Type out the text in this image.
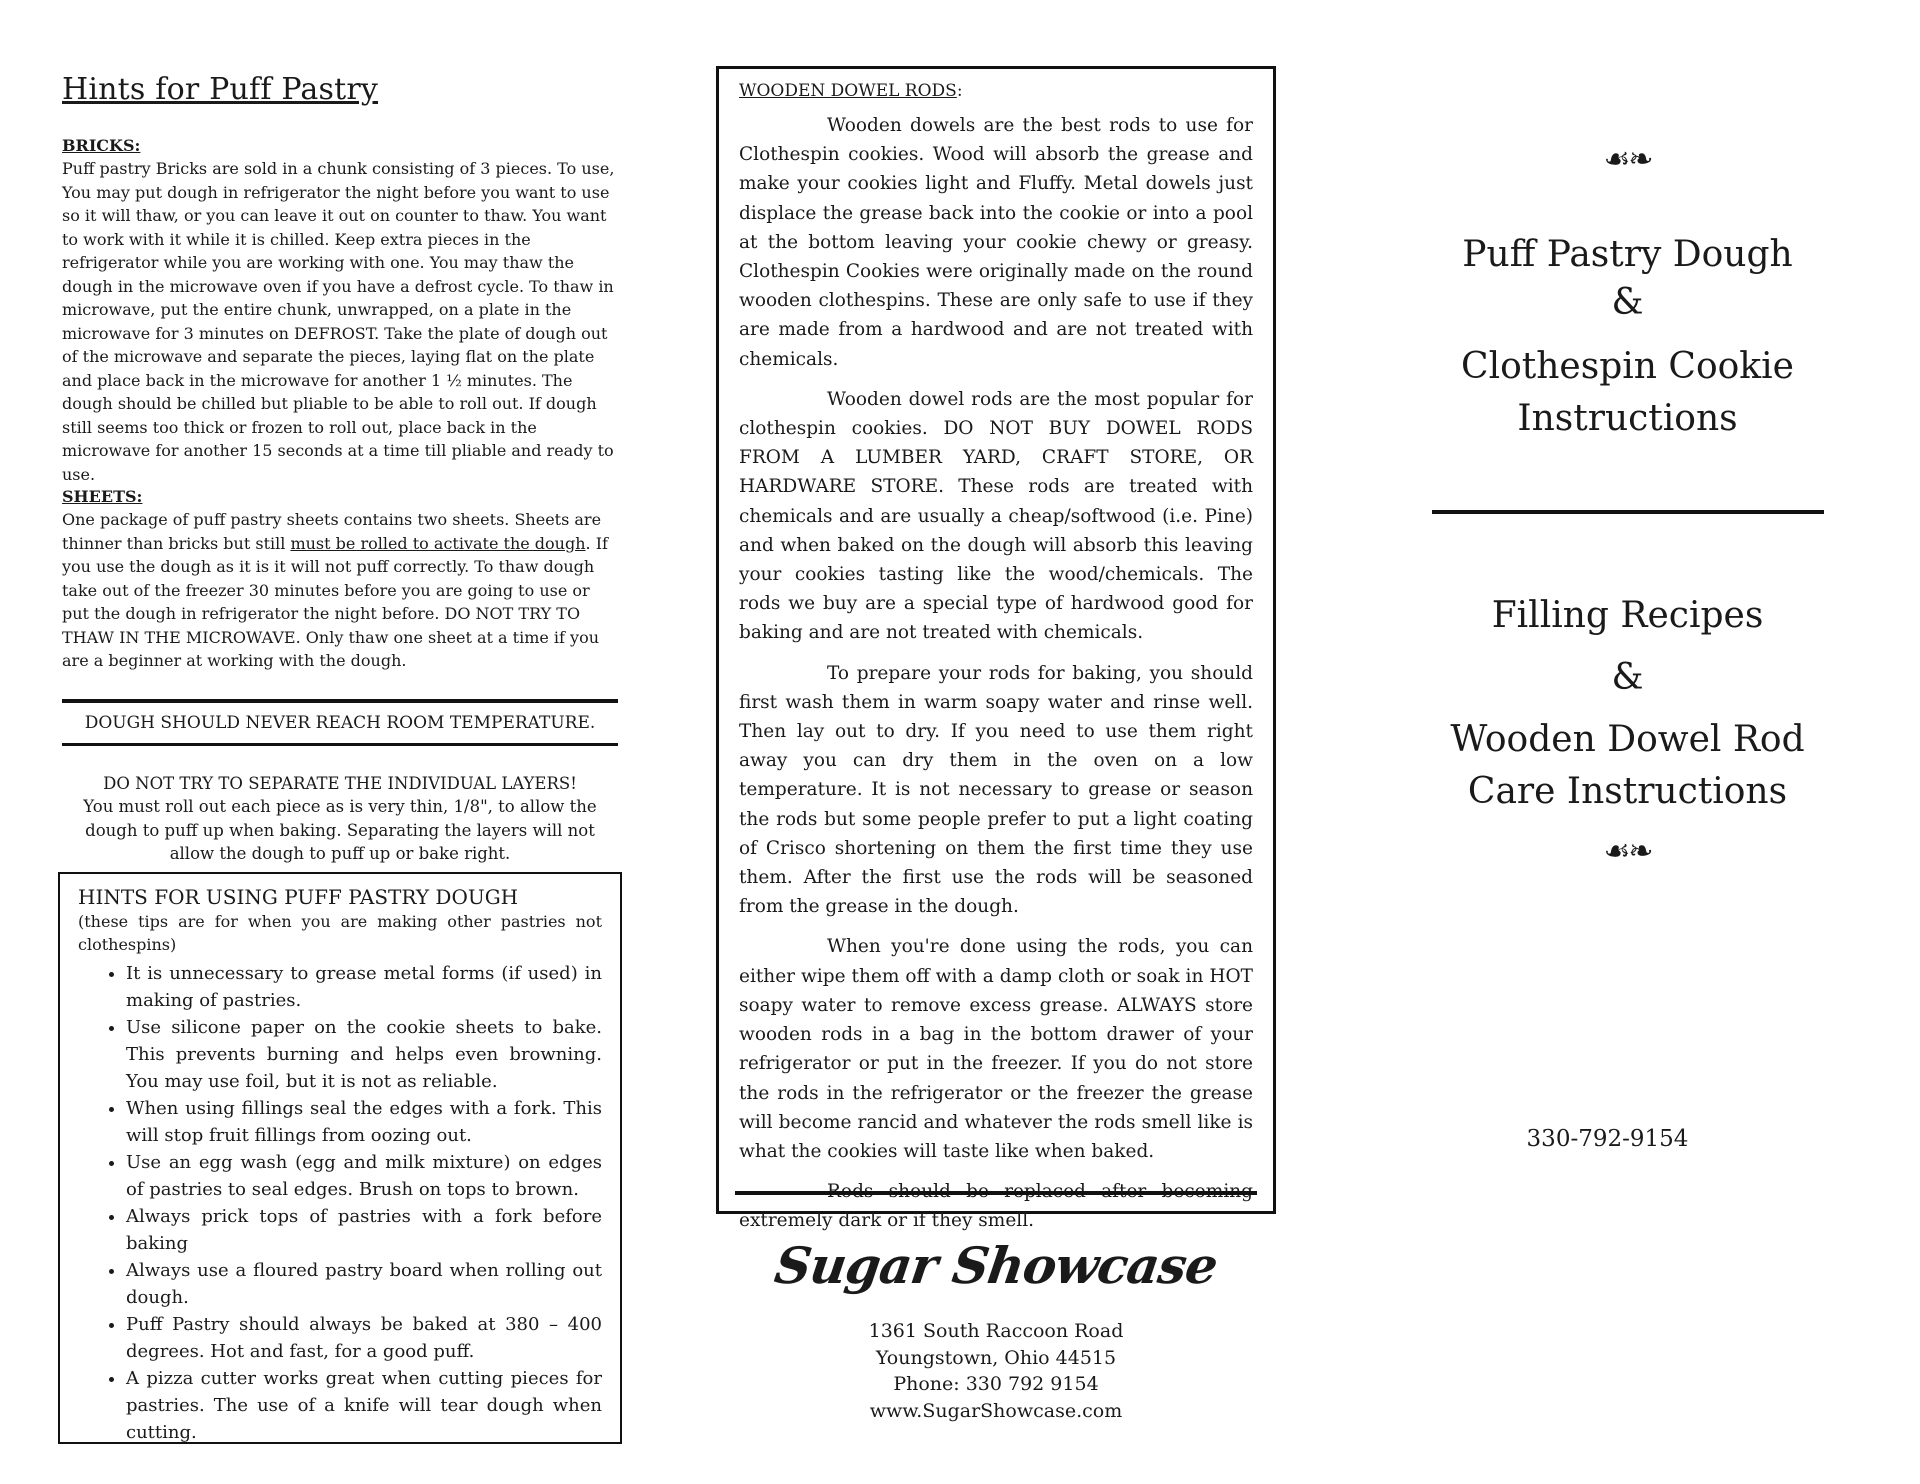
Hints for Puff Pastry

BRICKS:

Puff pastry Bricks are sold in a chunk consisting of 3 pieces. To use, You may put dough in refrigerator the night before you want to use so it will thaw, or you can leave it out on counter to thaw. You want to work with it while it is chilled. Keep extra pieces in the refrigerator while you are working with one. You may thaw the dough in the microwave oven if you have a defrost cycle. To thaw in microwave, put the entire chunk, unwrapped, on a plate in the microwave for 3 minutes on DEFROST. Take the plate of dough out of the microwave and separate the pieces, laying flat on the plate and place back in the microwave for another 1 ½ minutes. The dough should be chilled but pliable to be able to roll out. If dough still seems too thick or frozen to roll out, place back in the microwave for another 15 seconds at a time till pliable and ready to use.

SHEETS:

One package of puff pastry sheets contains two sheets. Sheets are thinner than bricks but still must be rolled to activate the dough. If you use the dough as it is it will not puff correctly. To thaw dough take out of the freezer 30 minutes before you are going to use or put the dough in refrigerator the night before. DO NOT TRY TO THAW IN THE MICROWAVE. Only thaw one sheet at a time if you are a beginner at working with the dough.

DOUGH SHOULD NEVER REACH ROOM TEMPERATURE.
DO NOT TRY TO SEPARATE THE INDIVIDUAL LAYERS!
You must roll out each piece as is very thin, 1/8", to allow the dough to puff up when baking. Separating the layers will not allow the dough to puff up or bake right.

HINTS FOR USING PUFF PASTRY DOUGH

(these tips are for when you are making other pastries not clothespins)

• It is unnecessary to grease metal forms (if used) in making of pastries.
• Use silicone paper on the cookie sheets to bake. This prevents burning and helps even browning. You may use foil, but it is not as reliable.
• When using fillings seal the edges with a fork. This will stop fruit fillings from oozing out.
• Use an egg wash (egg and milk mixture) on edges of pastries to seal edges. Brush on tops to brown.
• Always prick tops of pastries with a fork before baking
• Always use a floured pastry board when rolling out dough.
• Puff Pastry should always be baked at 380 – 400 degrees. Hot and fast, for a good puff.
• A pizza cutter works great when cutting pieces for pastries. The use of a knife will tear dough when cutting.

WOODEN DOWEL RODS:

Wooden dowels are the best rods to use for Clothespin cookies. Wood will absorb the grease and make your cookies light and Fluffy. Metal dowels just displace the grease back into the cookie or into a pool at the bottom leaving your cookie chewy or greasy. Clothespin Cookies were originally made on the round wooden clothespins. These are only safe to use if they are made from a hardwood and are not treated with chemicals.

Wooden dowel rods are the most popular for clothespin cookies. DO NOT BUY DOWEL RODS FROM A LUMBER YARD, CRAFT STORE, OR HARDWARE STORE. These rods are treated with chemicals and are usually a cheap/softwood (i.e. Pine) and when baked on the dough will absorb this leaving your cookies tasting like the wood/chemicals. The rods we buy are a special type of hardwood good for baking and are not treated with chemicals.

To prepare your rods for baking, you should first wash them in warm soapy water and rinse well. Then lay out to dry. If you need to use them right away you can dry them in the oven on a low temperature. It is not necessary to grease or season the rods but some people prefer to put a light coating of Crisco shortening on them the first time they use them. After the first use the rods will be seasoned from the grease in the dough.

When you're done using the rods, you can either wipe them off with a damp cloth or soak in HOT soapy water to remove excess grease. ALWAYS store wooden rods in a bag in the bottom drawer of your refrigerator or put in the freezer. If you do not store the rods in the refrigerator or the freezer the grease will become rancid and whatever the rods smell like is what the cookies will taste like when baked.

Rods should be replaced after becoming extremely dark or if they smell.

Sugar Showcase
1361 South Raccoon Road
Youngstown, Ohio 44515
Phone: 330 792 9154
www.SugarShowcase.com
☙❧
Puff Pastry Dough
&
Clothespin Cookie
Instructions
Filling Recipes
&
Wooden Dowel Rod
Care Instructions
☙❧
330-792-9154
